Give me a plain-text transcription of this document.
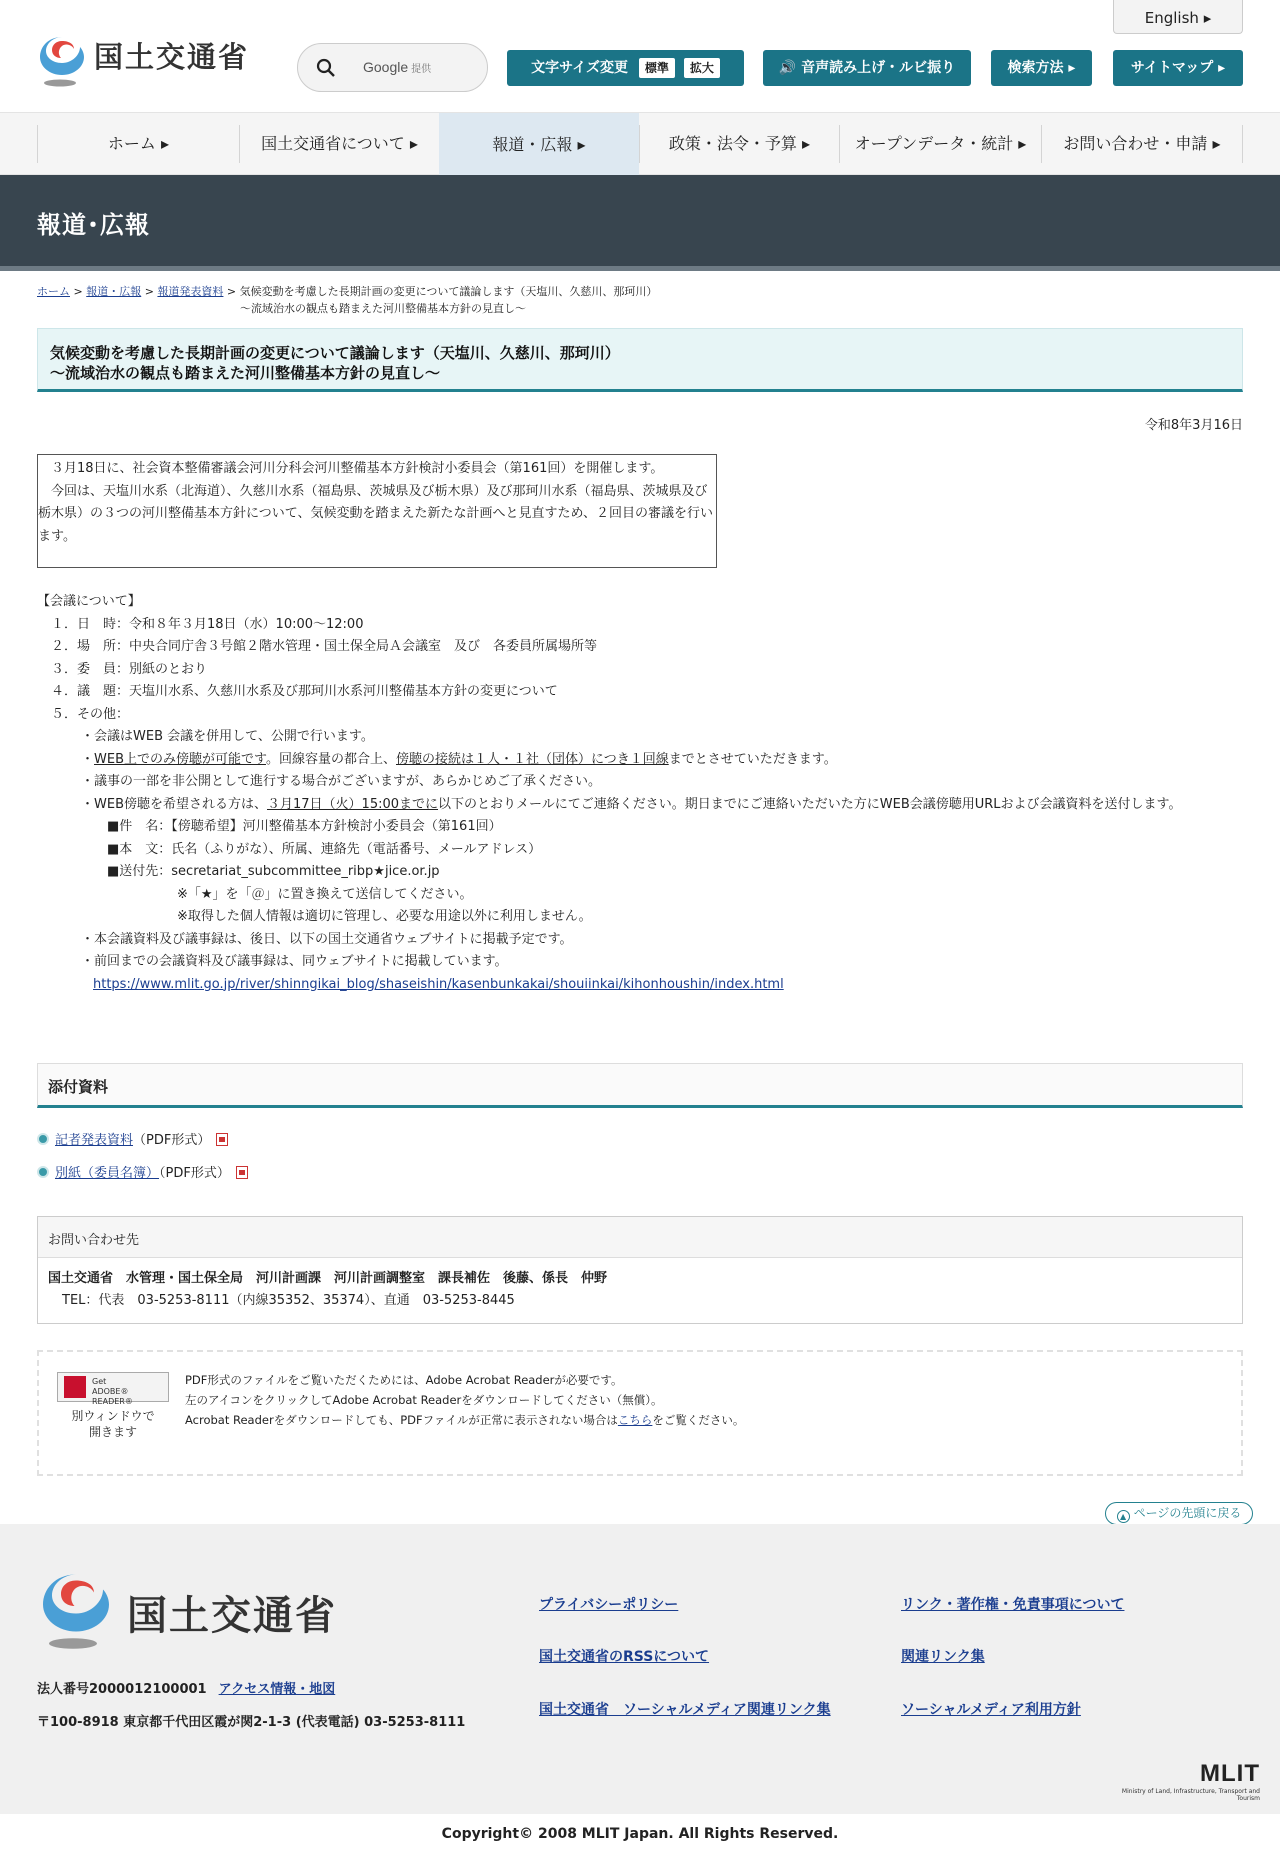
国土交通省	Google 提供
English ▸
文字サイズ変更 標準 拡大	🔊 音声読み上げ・ルビ振り	検索方法 ▸	サイトマップ ▸
ホーム ▸	国土交通省について ▸	報道・広報 ▸	政策・法令・予算 ▸	オープンデータ・統計 ▸	お問い合わせ・申請 ▸
報道･広報
ホーム > 報道・広報 > 報道発表資料 > 気候変動を考慮した長期計画の変更について議論します（天塩川、久慈川、那珂川）
～流域治水の観点も踏まえた河川整備基本方針の見直し～
気候変動を考慮した長期計画の変更について議論します（天塩川、久慈川、那珂川）
～流域治水の観点も踏まえた河川整備基本方針の見直し～
令和8年3月16日

３月18日に、社会資本整備審議会河川分科会河川整備基本方針検討小委員会（第161回）を開催します。

今回は、天塩川水系（北海道）、久慈川水系（福島県、茨城県及び栃木県）及び那珂川水系（福島県、茨城県及び栃木県）の３つの河川整備基本方針について、気候変動を踏まえた新たな計画へと見直すため、２回目の審議を行います。

【会議について】
１．日　時：令和８年３月18日（水）10:00～12:00
２．場　所：中央合同庁舎３号館２階水管理・国土保全局Ａ会議室　及び　各委員所属場所等
３．委　員：別紙のとおり
４．議　題：天塩川水系、久慈川水系及び那珂川水系河川整備基本方針の変更について
５．その他：
・会議はWEB 会議を併用して、公開で行います。
・WEB上でのみ傍聴が可能です。回線容量の都合上、傍聴の接続は１人・１社（団体）につき１回線までとさせていただきます。
・議事の一部を非公開として進行する場合がございますが、あらかじめご了承ください。
・WEB傍聴を希望される方は、３月17日（火）15:00までに以下のとおりメールにてご連絡ください。期日までにご連絡いただいた方にWEB会議傍聴用URLおよび会議資料を送付します。
■件　名：【傍聴希望】河川整備基本方針検討小委員会（第161回）
■本　文：氏名（ふりがな）、所属、連絡先（電話番号、メールアドレス）
■送付先：secretariat_subcommittee_ribp★jice.or.jp
※「★」を「＠」に置き換えて送信してください。
※取得した個人情報は適切に管理し、必要な用途以外に利用しません。
・本会議資料及び議事録は、後日、以下の国土交通省ウェブサイトに掲載予定です。
・前回までの会議資料及び議事録は、同ウェブサイトに掲載しています。
https://www.mlit.go.jp/river/shinngikai_blog/shaseishin/kasenbunkakai/shouiinkai/kihonhoushin/index.html
添付資料
記者発表資料（PDF形式）
別紙（委員名簿）（PDF形式）
お問い合わせ先
国土交通省　水管理・国土保全局　河川計画課　河川計画調整室　課長補佐　後藤、係長　仲野
TEL：代表　03-5253-8111（内線35352、35374）、直通　03-5253-8445
Get
ADOBE® READER®
別ウィンドウで
開きます
PDF形式のファイルをご覧いただくためには、Adobe Acrobat Readerが必要です。
左のアイコンをクリックしてAdobe Acrobat Readerをダウンロードしてください（無償）。
Acrobat Readerをダウンロードしても、PDFファイルが正常に表示されない場合はこちらをご覧ください。
▲ ページの先頭に戻る
国土交通省
法人番号2000012100001 アクセス情報・地図
〒100-8918 東京都千代田区霞が関2-1-3 (代表電話) 03-5253-8111
プライバシーポリシー	リンク・著作権・免責事項について
国土交通省のRSSについて	関連リンク集
国土交通省　ソーシャルメディア関連リンク集	ソーシャルメディア利用方針
MLIT
Ministry of Land, Infrastructure, Transport and Tourism
Copyright© 2008 MLIT Japan. All Rights Reserved.
